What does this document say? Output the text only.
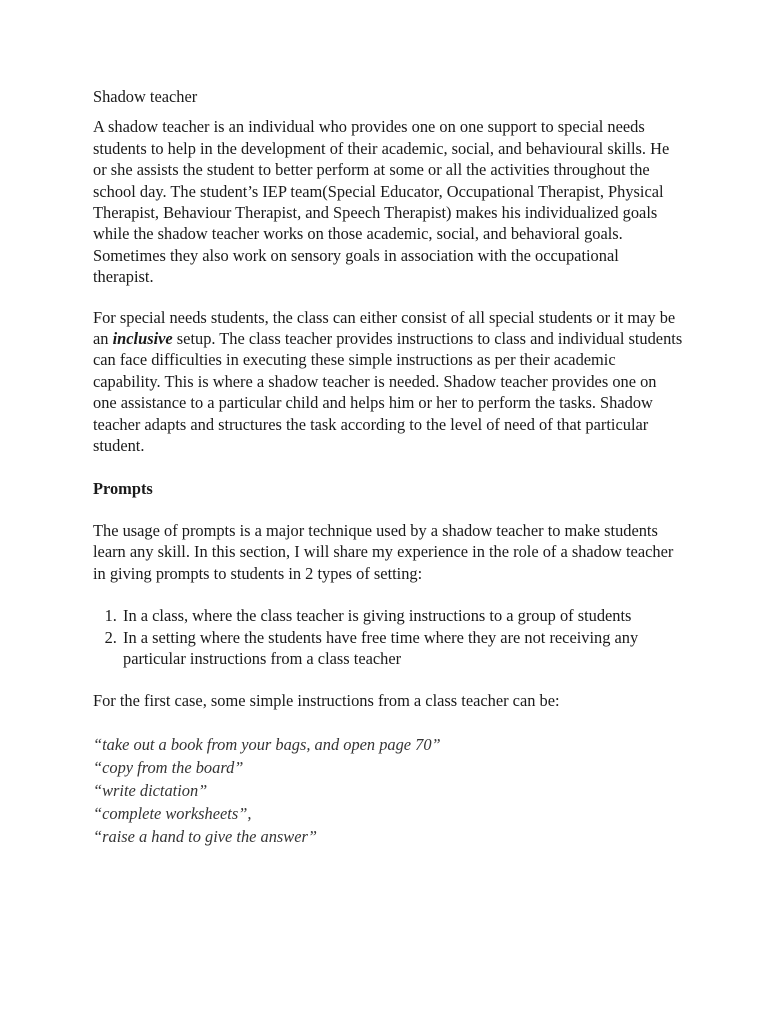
Shadow teacher

A shadow teacher is an individual who provides one on one support to special needs students to help in the development of their academic, social, and behavioural skills. He or she assists the student to better perform at some or all the activities throughout the school day. The student’s IEP team(Special Educator, Occupational Therapist, Physical Therapist, Behaviour Therapist, and Speech Therapist) makes his individualized goals while the shadow teacher works on those academic, social, and behavioral goals. Sometimes they also work on sensory goals in association with the occupational therapist.

For special needs students, the class can either consist of all special students or it may be an inclusive setup. The class teacher provides instructions to class and individual students can face difficulties in executing these simple instructions as per their academic capability. This is where a shadow teacher is needed. Shadow teacher provides one on one assistance to a particular child and helps him or her to perform the tasks. Shadow teacher adapts and structures the task according to the level of need of that particular student.

Prompts

The usage of prompts is a major technique used by a shadow teacher to make students learn any skill. In this section, I will share my experience in the role of a shadow teacher in giving prompts to students in 2 types of setting:

1. In a class, where the class teacher is giving instructions to a group of students
2. In a setting where the students have free time where they are not receiving any particular instructions from a class teacher

For the first case, some simple instructions from a class teacher can be:

“take out a book from your bags, and open page 70”
“copy from the board”
“write dictation”
“complete worksheets”,
“raise a hand to give the answer”
